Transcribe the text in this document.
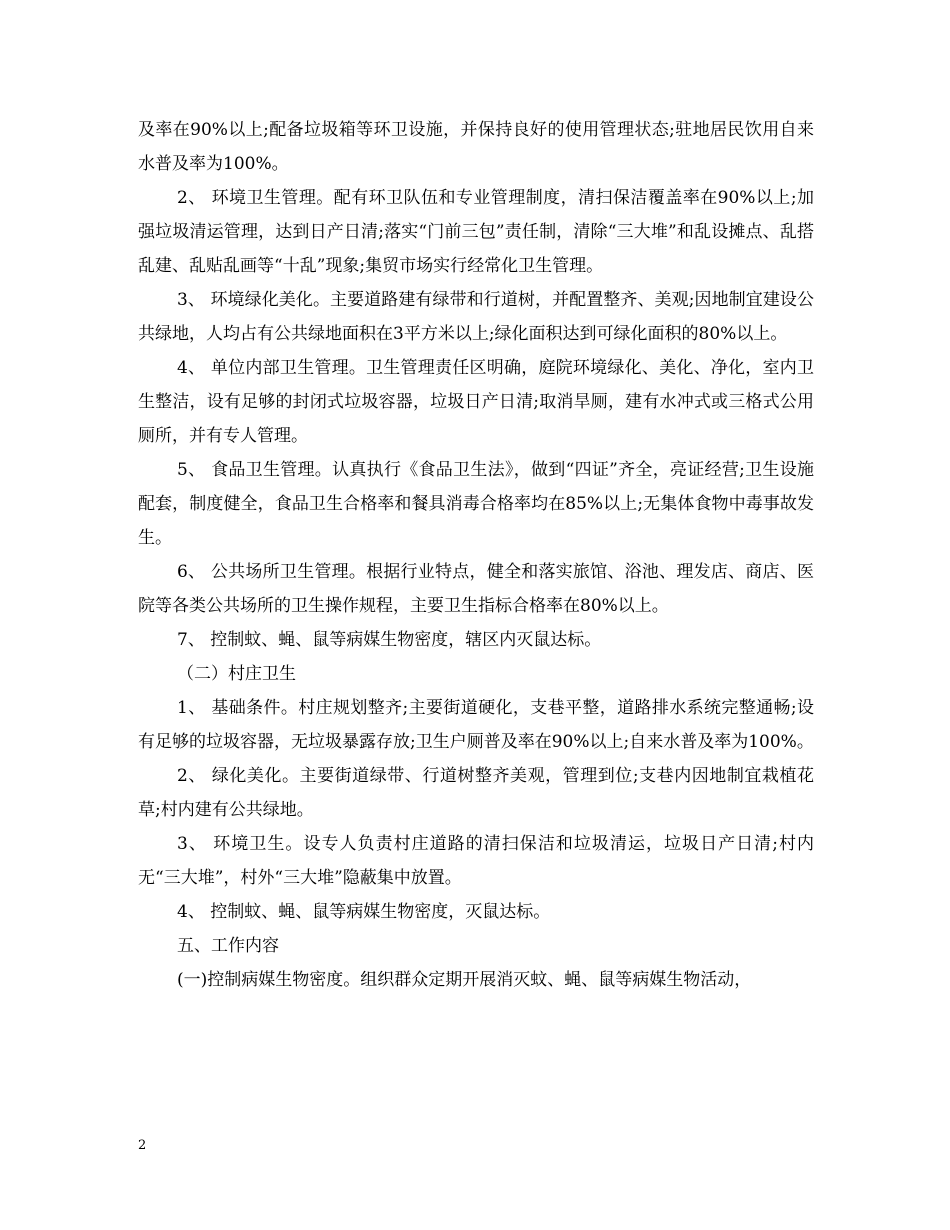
及率在90%以上;配备垃圾箱等环卫设施，并保持良好的使用管理状态;驻地居民饮用自来水普及率为100%。

2、 环境卫生管理。配有环卫队伍和专业管理制度，清扫保洁覆盖率在90%以上;加强垃圾清运管理，达到日产日清;落实“门前三包”责任制，清除“三大堆”和乱设摊点、乱搭乱建、乱贴乱画等“十乱”现象;集贸市场实行经常化卫生管理。

3、 环境绿化美化。主要道路建有绿带和行道树，并配置整齐、美观;因地制宜建设公共绿地，人均占有公共绿地面积在3平方米以上;绿化面积达到可绿化面积的80%以上。

4、 单位内部卫生管理。卫生管理责任区明确，庭院环境绿化、美化、净化，室内卫生整洁，设有足够的封闭式垃圾容器，垃圾日产日清;取消旱厕，建有水冲式或三格式公用厕所，并有专人管理。

5、 食品卫生管理。认真执行《食品卫生法》，做到“四证”齐全，亮证经营;卫生设施配套，制度健全，食品卫生合格率和餐具消毒合格率均在85%以上;无集体食物中毒事故发生。

6、 公共场所卫生管理。根据行业特点，健全和落实旅馆、浴池、理发店、商店、医院等各类公共场所的卫生操作规程，主要卫生指标合格率在80%以上。

7、 控制蚊、蝇、鼠等病媒生物密度，辖区内灭鼠达标。

（二）村庄卫生

1、 基础条件。村庄规划整齐;主要街道硬化，支巷平整，道路排水系统完整通畅;设有足够的垃圾容器，无垃圾暴露存放;卫生户厕普及率在90%以上;自来水普及率为100%。

2、 绿化美化。主要街道绿带、行道树整齐美观，管理到位;支巷内因地制宜栽植花草;村内建有公共绿地。

3、 环境卫生。设专人负责村庄道路的清扫保洁和垃圾清运，垃圾日产日清;村内无“三大堆”，村外“三大堆”隐蔽集中放置。

4、 控制蚊、蝇、鼠等病媒生物密度，灭鼠达标。

五、工作内容

(一)控制病媒生物密度。组织群众定期开展消灭蚊、蝇、鼠等病媒生物活动，

2
